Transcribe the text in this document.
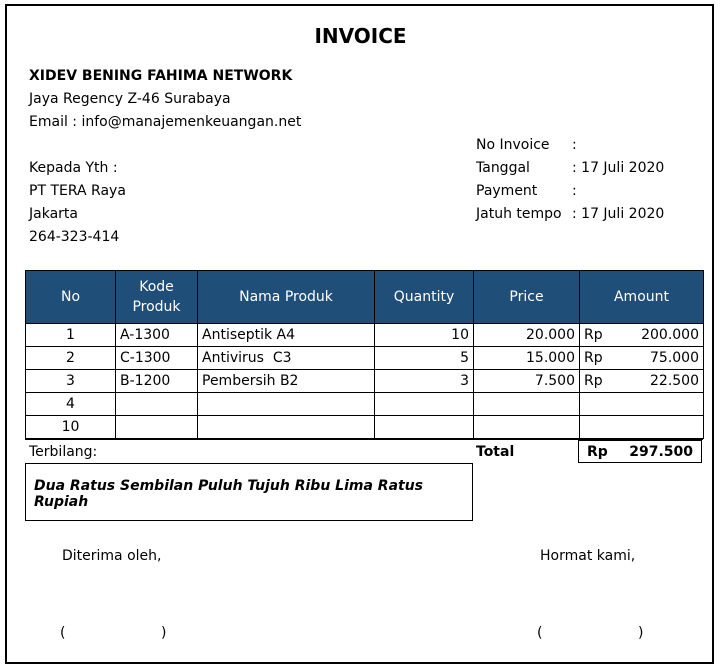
INVOICE
XIDEV BENING FAHIMA NETWORK
Jaya Regency Z-46 Surabaya
Email : info@manajemenkeuangan.net
Kepada Yth :
PT TERA Raya
Jakarta
264-323-414
No Invoice :
Tanggal	: 17 Juli 2020
Payment :
Jatuh tempo : 17 Juli 2020
No	Kode Produk	Nama Produk	Quantity	Price	Amount
1	A-1300	Antiseptik A4	10	20.000	Rp 200.000

2	C-1300	Antivirus  C3	5	15.000	Rp 75.000

3	B-1200	Pembersih B2	3	7.500	Rp 22.500

4					

10					
Terbilang:	Total	Rp 297.500
Dua Ratus Sembilan Puluh Tujuh Ribu Lima Ratus Rupiah
Diterima oleh,	Hormat kami,
(	)	(	)
